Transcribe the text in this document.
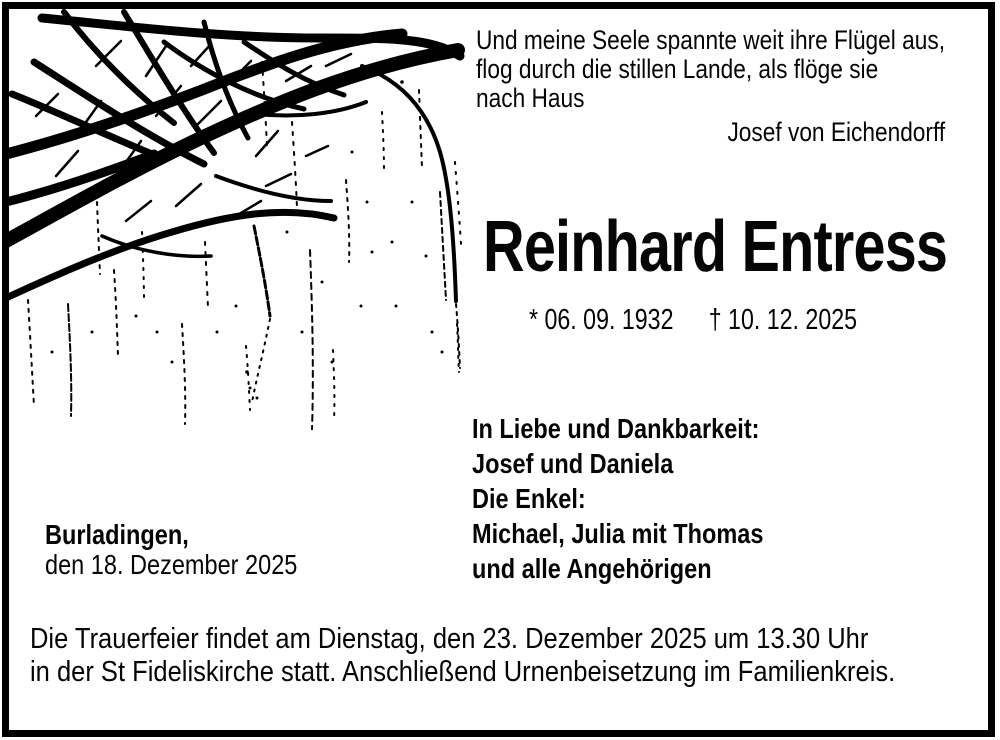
Und meine Seele spannte weit ihre Flügel aus,
flog durch die stillen Lande, als flöge sie
nach Haus
Josef von Eichendorff
Reinhard Entress
* 06. 09. 1932 † 10. 12. 2025
In Liebe und Dankbarkeit:
Josef und Daniela
Die Enkel:
Michael, Julia mit Thomas
und alle Angehörigen
Burladingen,
den 18. Dezember 2025
Die Trauerfeier findet am Dienstag, den 23. Dezember 2025 um 13.30 Uhr
in der St Fideliskirche statt. Anschließend Urnenbeisetzung im Familienkreis.
